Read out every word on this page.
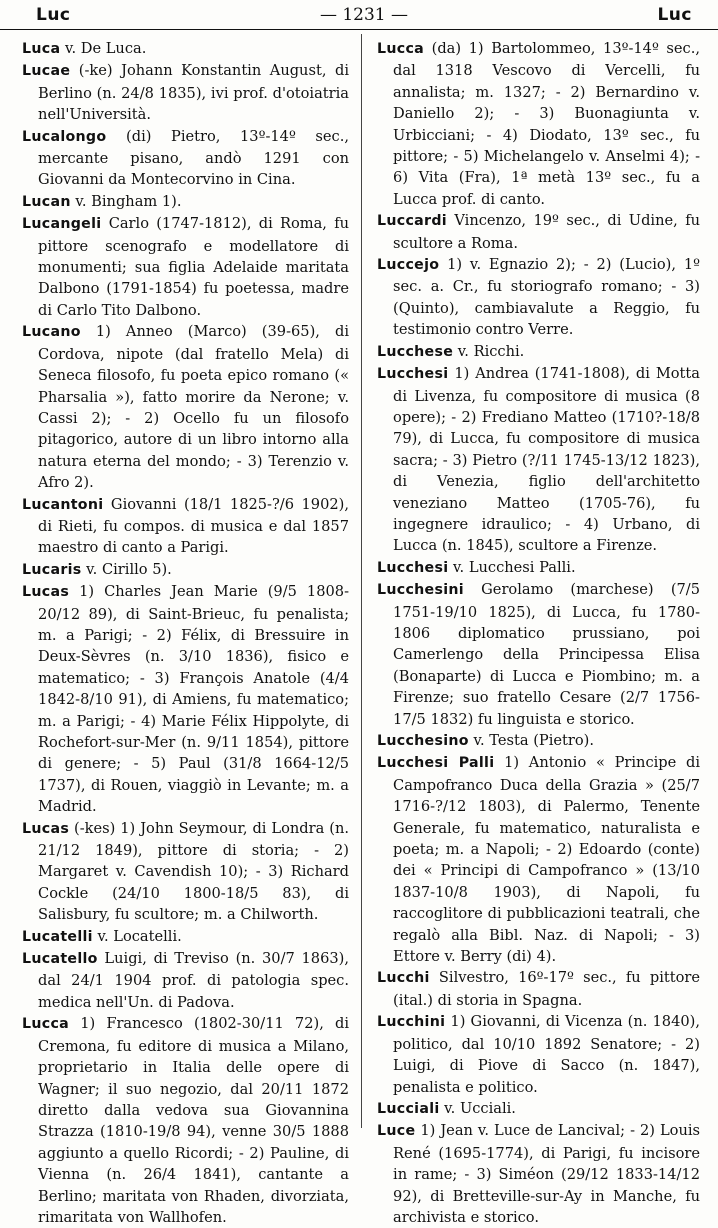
Luc	— 1231 —	Luc

Luca v. De Luca.

Lucae (-ke) Johann Konstantin August, di Berlino (n. 24/8 1835), ivi prof. d'otoiatria nell'Università.

Lucalongo (di) Pietro, 13º-14º sec., mercante pisano, andò 1291 con Giovanni da Montecorvino in Cina.

Lucan v. Bingham 1).

Lucangeli Carlo (1747-1812), di Roma, fu pittore scenografo e modellatore di monumenti; sua figlia Adelaide maritata Dalbono (1791-1854) fu poetessa, madre di Carlo Tito Dalbono.

Lucano 1) Anneo (Marco) (39-65), di Cordova, nipote (dal fratello Mela) di Seneca filosofo, fu poeta epico romano (« Pharsalia »), fatto morire da Nerone; v. Cassi 2); - 2) Ocello fu un filosofo pitagorico, autore di un libro intorno alla natura eterna del mondo; - 3) Terenzio v. Afro 2).

Lucantoni Giovanni (18/1 1825-?/6 1902), di Rieti, fu compos. di musica e dal 1857 maestro di canto a Parigi.

Lucaris v. Cirillo 5).

Lucas 1) Charles Jean Marie (9/5 1808-20/12 89), di Saint-Brieuc, fu penalista; m. a Parigi; - 2) Félix, di Bressuire in Deux-Sèvres (n. 3/10 1836), fisico e matematico; - 3) François Anatole (4/4 1842-8/10 91), di Amiens, fu matematico; m. a Parigi; - 4) Marie Félix Hippolyte, di Rochefort-sur-Mer (n. 9/11 1854), pittore di genere; - 5) Paul (31/8 1664-12/5 1737), di Rouen, viaggiò in Levante; m. a Madrid.

Lucas (-kes) 1) John Seymour, di Londra (n. 21/12 1849), pittore di storia; - 2) Margaret v. Cavendish 10); - 3) Richard Cockle (24/10 1800-18/5 83), di Salisbury, fu scultore; m. a Chilworth.

Lucatelli v. Locatelli.

Lucatello Luigi, di Treviso (n. 30/7 1863), dal 24/1 1904 prof. di patologia spec. medica nell'Un. di Padova.

Lucca 1) Francesco (1802-30/11 72), di Cremona, fu editore di musica a Milano, proprietario in Italia delle opere di Wagner; il suo negozio, dal 20/11 1872 diretto dalla vedova sua Giovannina Strazza (1810-19/8 94), venne 30/5 1888 aggiunto a quello Ricordi; - 2) Pauline, di Vienna (n. 26/4 1841), cantante a Berlino; maritata von Rhaden, divorziata, rimaritata von Wallhofen.

Lucca (da) 1) Bartolommeo, 13º-14º sec., dal 1318 Vescovo di Vercelli, fu annalista; m. 1327; - 2) Bernardino v. Daniello 2); - 3) Buonagiunta v. Urbicciani; - 4) Diodato, 13º sec., fu pittore; - 5) Michelangelo v. Anselmi 4); - 6) Vita (Fra), 1ª metà 13º sec., fu a Lucca prof. di canto.

Luccardi Vincenzo, 19º sec., di Udine, fu scultore a Roma.

Luccejo 1) v. Egnazio 2); - 2) (Lucio), 1º sec. a. Cr., fu storiografo romano; - 3) (Quinto), cambiavalute a Reggio, fu testimonio contro Verre.

Lucchese v. Ricchi.

Lucchesi 1) Andrea (1741-1808), di Motta di Livenza, fu compositore di musica (8 opere); - 2) Frediano Matteo (1710?-18/8 79), di Lucca, fu compositore di musica sacra; - 3) Pietro (?/11 1745-13/12 1823), di Venezia, figlio dell'architetto veneziano Matteo (1705-76), fu ingegnere idraulico; - 4) Urbano, di Lucca (n. 1845), scultore a Firenze.

Lucchesi v. Lucchesi Palli.

Lucchesini Gerolamo (marchese) (7/5 1751-19/10 1825), di Lucca, fu 1780-1806 diplomatico prussiano, poi Camerlengo della Principessa Elisa (Bonaparte) di Lucca e Piombino; m. a Firenze; suo fratello Cesare (2/7 1756-17/5 1832) fu linguista e storico.

Lucchesino v. Testa (Pietro).

Lucchesi Palli 1) Antonio « Principe di Campofranco Duca della Grazia » (25/7 1716-?/12 1803), di Palermo, Tenente Generale, fu matematico, naturalista e poeta; m. a Napoli; - 2) Edoardo (conte) dei « Principi di Campofranco » (13/10 1837-10/8 1903), di Napoli, fu raccoglitore di pubblicazioni teatrali, che regalò alla Bibl. Naz. di Napoli; - 3) Ettore v. Berry (di) 4).

Lucchi Silvestro, 16º-17º sec., fu pittore (ital.) di storia in Spagna.

Lucchini 1) Giovanni, di Vicenza (n. 1840), politico, dal 10/10 1892 Senatore; - 2) Luigi, di Piove di Sacco (n. 1847), penalista e politico.

Lucciali v. Ucciali.

Luce 1) Jean v. Luce de Lancival; - 2) Louis René (1695-1774), di Parigi, fu incisore in rame; - 3) Siméon (29/12 1833-14/12 92), di Bretteville-sur-Ay in Manche, fu archivista e storico.
